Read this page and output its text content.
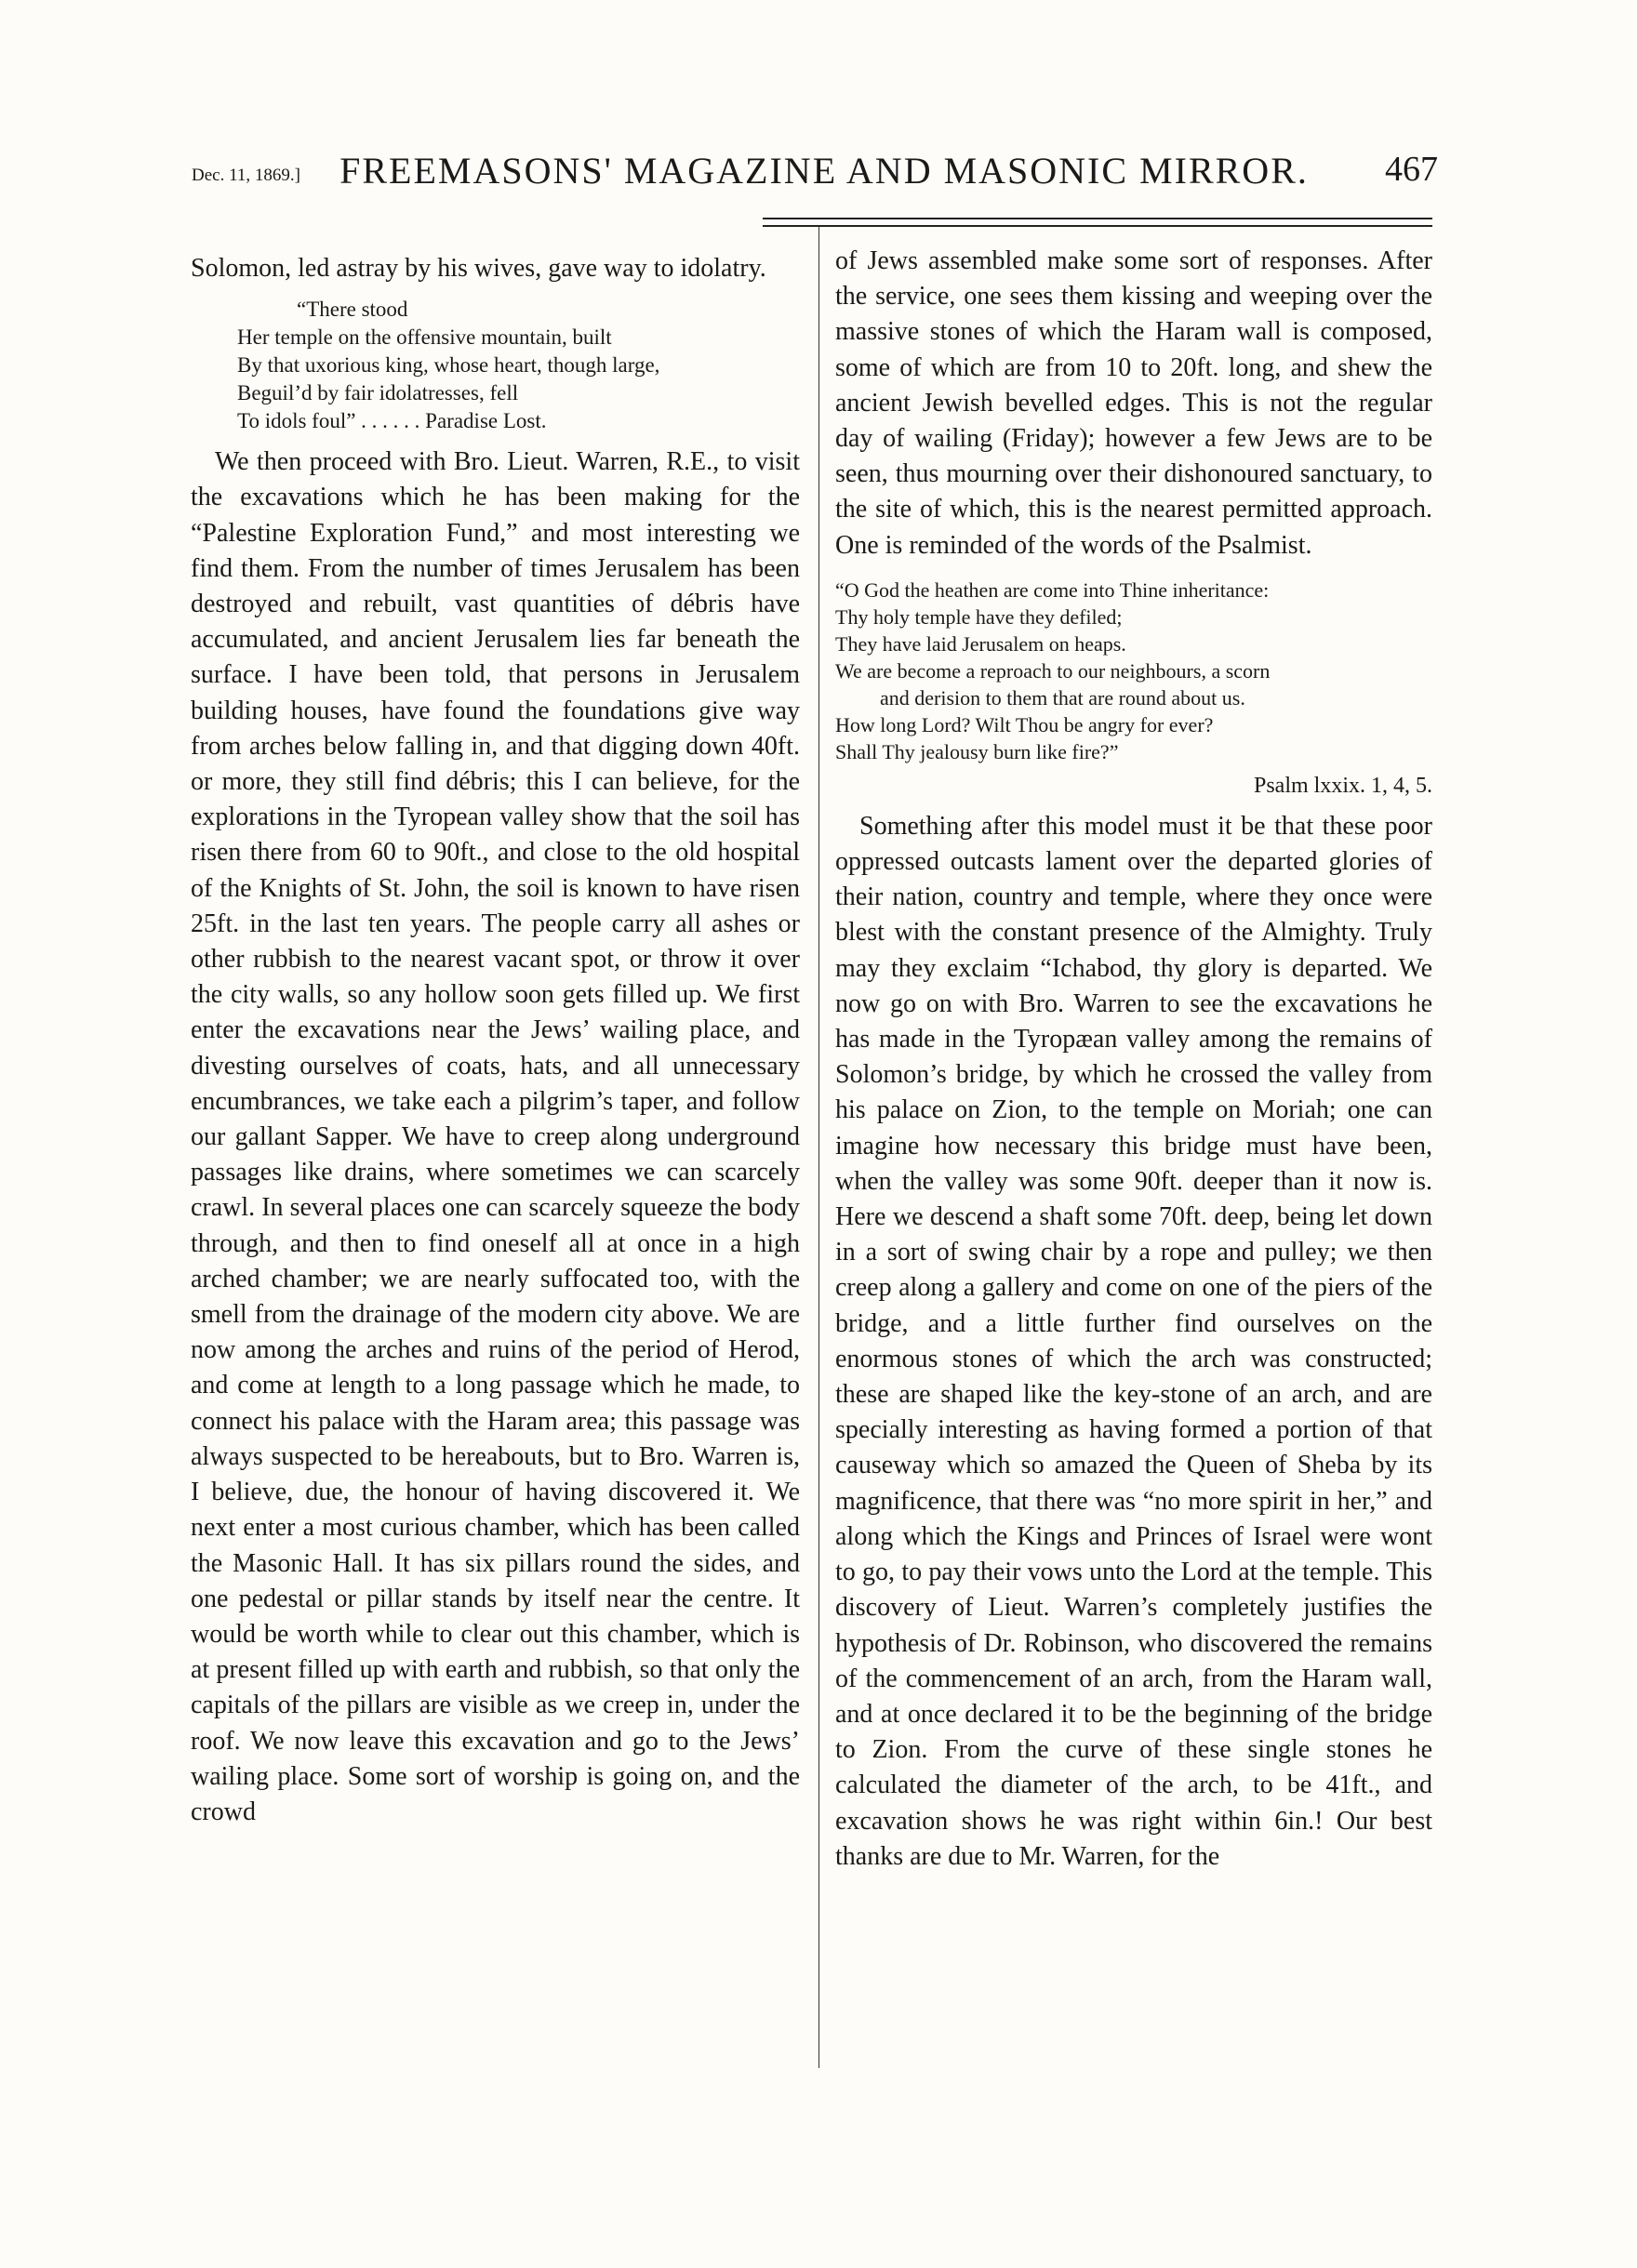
Dec. 11, 1869.]	FREEMASONS' MAGAZINE AND MASONIC MIRROR.	467

Solomon, led astray by his wives, gave way to idolatry.

“There stood
Her temple on the offensive mountain, built
By that uxorious king, whose heart, though large,
Beguil’d by fair idolatresses, fell
To idols foul” . . . . . . Paradise Lost.

We then proceed with Bro. Lieut. Warren, R.E., to visit the excavations which he has been making for the “Palestine Exploration Fund,” and most interesting we find them. From the number of times Jerusalem has been destroyed and rebuilt, vast quantities of débris have accumulated, and ancient Jerusalem lies far beneath the surface. I have been told, that persons in Jerusalem building houses, have found the foundations give way from arches below falling in, and that digging down 40ft. or more, they still find débris; this I can believe, for the explorations in the Tyropean valley show that the soil has risen there from 60 to 90ft., and close to the old hospital of the Knights of St. John, the soil is known to have risen 25ft. in the last ten years. The people carry all ashes or other rubbish to the nearest vacant spot, or throw it over the city walls, so any hollow soon gets filled up. We first enter the excavations near the Jews’ wailing place, and divesting ourselves of coats, hats, and all unnecessary encumbrances, we take each a pilgrim’s taper, and follow our gallant Sapper. We have to creep along underground passages like drains, where sometimes we can scarcely crawl. In several places one can scarcely squeeze the body through, and then to find oneself all at once in a high arched chamber; we are nearly suffocated too, with the smell from the drainage of the modern city above. We are now among the arches and ruins of the period of Herod, and come at length to a long passage which he made, to connect his palace with the Haram area; this passage was always suspected to be hereabouts, but to Bro. Warren is, I believe, due, the honour of having discovered it. We next enter a most curious chamber, which has been called the Masonic Hall. It has six pillars round the sides, and one pedestal or pillar stands by itself near the centre. It would be worth while to clear out this chamber, which is at present filled up with earth and rubbish, so that only the capitals of the pillars are visible as we creep in, under the roof. We now leave this excavation and go to the Jews’ wailing place. Some sort of worship is going on, and the crowd

of Jews assembled make some sort of responses. After the service, one sees them kissing and weeping over the massive stones of which the Haram wall is composed, some of which are from 10 to 20ft. long, and shew the ancient Jewish bevelled edges. This is not the regular day of wailing (Friday); however a few Jews are to be seen, thus mourning over their dishonoured sanctuary, to the site of which, this is the nearest permitted approach. One is reminded of the words of the Psalmist.

“O God the heathen are come into Thine inheritance:
Thy holy temple have they defiled;
They have laid Jerusalem on heaps.
We are become a reproach to our neighbours, a scorn
and derision to them that are round about us.
How long Lord? Wilt Thou be angry for ever?
Shall Thy jealousy burn like fire?”
Psalm lxxix. 1, 4, 5.

Something after this model must it be that these poor oppressed outcasts lament over the departed glories of their nation, country and temple, where they once were blest with the constant presence of the Almighty. Truly may they exclaim “Ichabod, thy glory is departed. We now go on with Bro. Warren to see the excavations he has made in the Tyropæan valley among the remains of Solomon’s bridge, by which he crossed the valley from his palace on Zion, to the temple on Moriah; one can imagine how necessary this bridge must have been, when the valley was some 90ft. deeper than it now is. Here we descend a shaft some 70ft. deep, being let down in a sort of swing chair by a rope and pulley; we then creep along a gallery and come on one of the piers of the bridge, and a little further find ourselves on the enormous stones of which the arch was constructed; these are shaped like the key-stone of an arch, and are specially interesting as having formed a portion of that causeway which so amazed the Queen of Sheba by its magnificence, that there was “no more spirit in her,” and along which the Kings and Princes of Israel were wont to go, to pay their vows unto the Lord at the temple. This discovery of Lieut. Warren’s completely justifies the hypothesis of Dr. Robinson, who discovered the remains of the commencement of an arch, from the Haram wall, and at once declared it to be the beginning of the bridge to Zion. From the curve of these single stones he calculated the diameter of the arch, to be 41ft., and excavation shows he was right within 6in.! Our best thanks are due to Mr. Warren, for the
